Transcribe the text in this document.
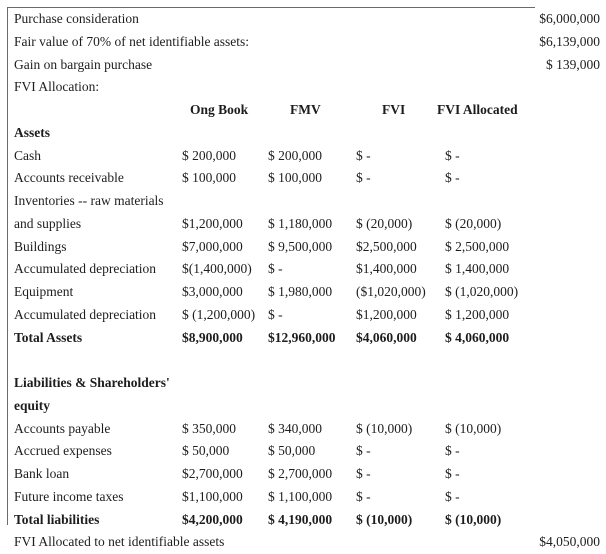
Purchase consideration	$6,000,000
Fair value of 70% of net identifiable assets:	$6,139,000
Gain on bargain purchase	$ 139,000
FVI Allocation:
Ong Book	FMV	FVI	FVI Allocated
Assets
Cash	$ 200,000	$ 200,000	$ -	$ -
Accounts receivable	$ 100,000	$ 100,000	$ -	$ -
Inventories -- raw materials
and supplies	$1,200,000	$ 1,180,000	$ (20,000)	$ (20,000)
Buildings	$7,000,000	$ 9,500,000	$2,500,000	$ 2,500,000
Accumulated depreciation	$(1,400,000)	$ -	$1,400,000	$ 1,400,000
Equipment	$3,000,000	$ 1,980,000	($1,020,000)	$ (1,020,000)
Accumulated depreciation	$ (1,200,000) $ -	$1,200,000	$ 1,200,000
Total Assets	$8,900,000	$12,960,000	$4,060,000	$ 4,060,000
Liabilities & Shareholders'
equity
Accounts payable	$ 350,000	$ 340,000	$ (10,000)	$ (10,000)
Accrued expenses	$ 50,000	$ 50,000	$ -	$ -
Bank loan	$2,700,000	$ 2,700,000	$ -	$ -
Future income taxes	$1,100,000	$ 1,100,000	$ -	$ -
Total liabilities	$4,200,000	$ 4,190,000	$ (10,000)	$ (10,000)
FVI Allocated to net identifiable assets	$4,050,000
